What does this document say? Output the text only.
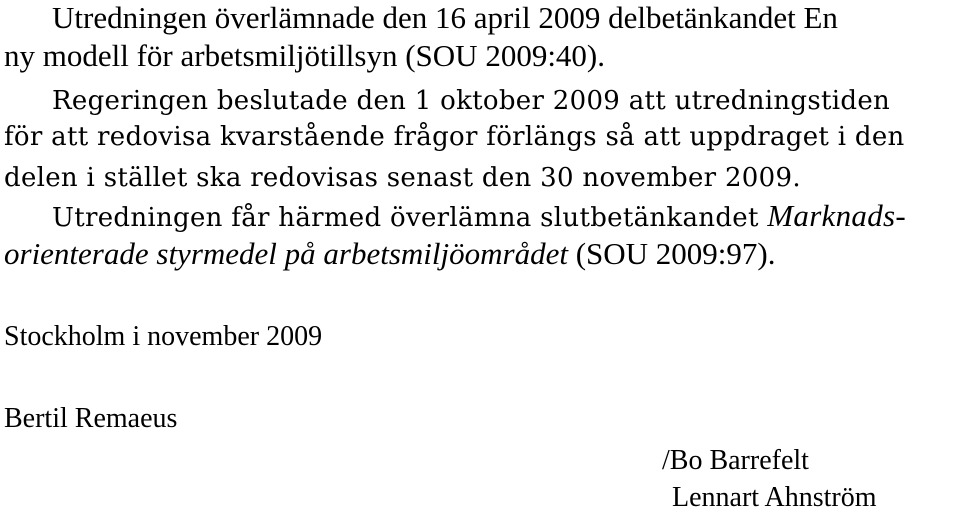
Utredningen överlämnade den 16 april 2009 delbetänkandet En
ny modell för arbetsmiljötillsyn (SOU 2009:40).
Regeringen beslutade den 1 oktober 2009 att utredningstiden
för att redovisa kvarstående frågor förlängs så att uppdraget i den
delen i stället ska redovisas senast den 30 november 2009.
Utredningen får härmed överlämna slutbetänkandet Marknads-
orienterade styrmedel på arbetsmiljöområdet (SOU 2009:97).
Stockholm i november 2009
Bertil Remaeus
/Bo Barrefelt
Lennart Ahnström
